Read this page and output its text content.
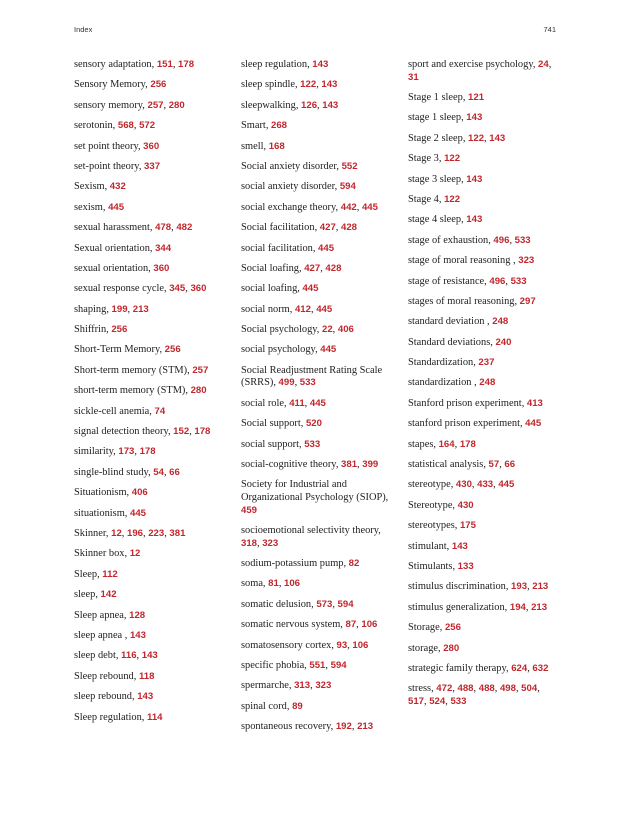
Index	741
sensory adaptation, 151, 178
Sensory Memory, 256
sensory memory, 257, 280
serotonin, 568, 572
set point theory, 360
set-point theory, 337
Sexism, 432
sexism, 445
sexual harassment, 478, 482
Sexual orientation, 344
sexual orientation, 360
sexual response cycle, 345, 360
shaping, 199, 213
Shiffrin, 256
Short-Term Memory, 256
Short-term memory (STM), 257
short-term memory (STM), 280
sickle-cell anemia, 74
signal detection theory, 152, 178
similarity, 173, 178
single-blind study, 54, 66
Situationism, 406
situationism, 445
Skinner, 12, 196, 223, 381
Skinner box, 12
Sleep, 112
sleep, 142
Sleep apnea, 128
sleep apnea , 143
sleep debt, 116, 143
Sleep rebound, 118
sleep rebound, 143
Sleep regulation, 114
sleep regulation, 143
sleep spindle, 122, 143
sleepwalking, 126, 143
Smart, 268
smell, 168
Social anxiety disorder, 552
social anxiety disorder, 594
social exchange theory, 442, 445
Social facilitation, 427, 428
social facilitation, 445
Social loafing, 427, 428
social loafing, 445
social norm, 412, 445
Social psychology, 22, 406
social psychology, 445
Social Readjustment Rating Scale (SRRS), 499, 533
social role, 411, 445
Social support, 520
social support, 533
social-cognitive theory, 381, 399
Society for Industrial and Organizational Psychology (SIOP), 459
socioemotional selectivity theory, 318, 323
sodium-potassium pump, 82
soma, 81, 106
somatic delusion, 573, 594
somatic nervous system, 87, 106
somatosensory cortex, 93, 106
specific phobia, 551, 594
spermarche, 313, 323
spinal cord, 89
spontaneous recovery, 192, 213
sport and exercise psychology, 24, 31
Stage 1 sleep, 121
stage 1 sleep, 143
Stage 2 sleep, 122, 143
Stage 3, 122
stage 3 sleep, 143
Stage 4, 122
stage 4 sleep, 143
stage of exhaustion, 496, 533
stage of moral reasoning , 323
stage of resistance, 496, 533
stages of moral reasoning, 297
standard deviation , 248
Standard deviations, 240
Standardization, 237
standardization , 248
Stanford prison experiment, 413
stanford prison experiment, 445
stapes, 164, 178
statistical analysis, 57, 66
stereotype, 430, 433, 445
Stereotype, 430
stereotypes, 175
stimulant, 143
Stimulants, 133
stimulus discrimination, 193, 213
stimulus generalization, 194, 213
Storage, 256
storage, 280
strategic family therapy, 624, 632
stress, 472, 488, 488, 498, 504, 517, 524, 533
